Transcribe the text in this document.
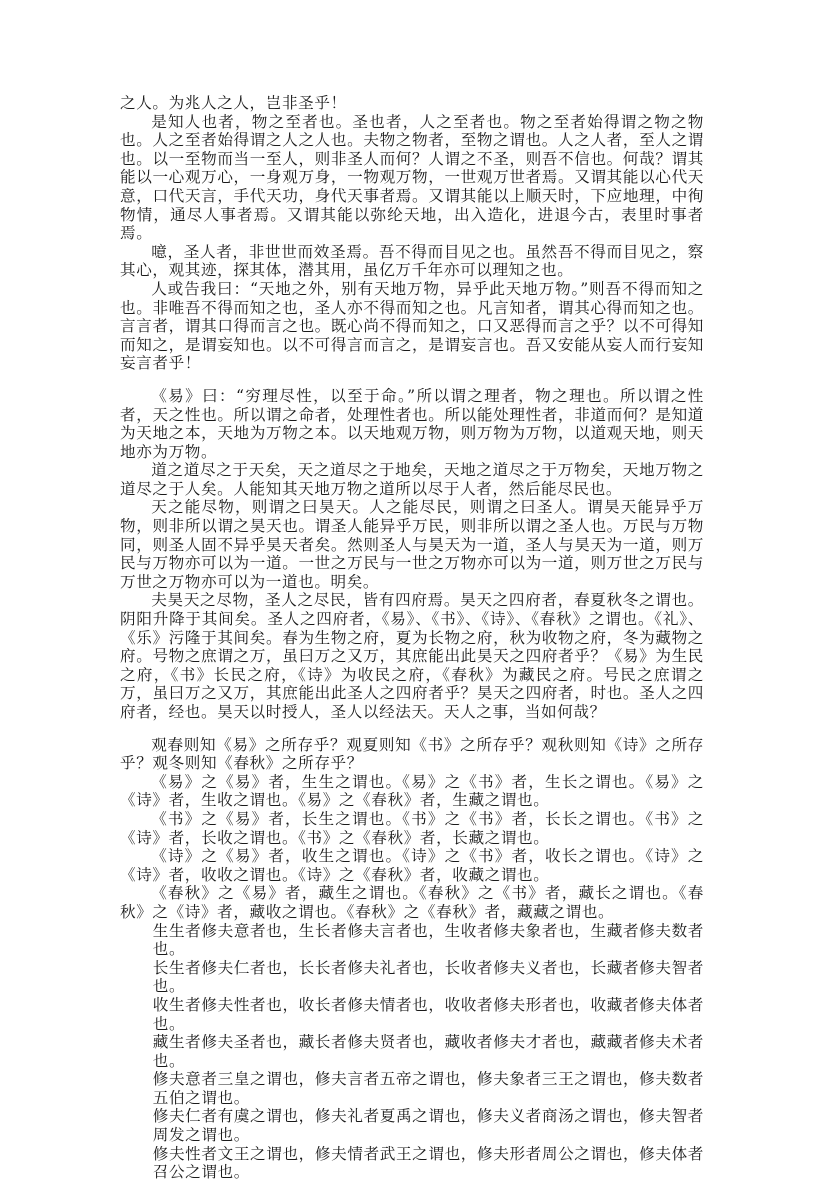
之人。为兆人之人，岂非圣乎！

是知人也者，物之至者也。圣也者，人之至者也。物之至者始得谓之物之物也。人之至者始得谓之人之人也。夫物之物者，至物之谓也。人之人者，至人之谓也。以一至物而当一至人，则非圣人而何？人谓之不圣，则吾不信也。何哉？谓其能以一心观万心，一身观万身，一物观万物，一世观万世者焉。又谓其能以心代天意，口代天言，手代天功，身代天事者焉。又谓其能以上顺天时，下应地理，中徇物情，通尽人事者焉。又谓其能以弥纶天地，出入造化，进退今古，表里时事者焉。

噫，圣人者，非世世而效圣焉。吾不得而目见之也。虽然吾不得而目见之，察其心，观其迹，探其体，潜其用，虽亿万千年亦可以理知之也。

人或告我曰：“天地之外，别有天地万物，异乎此天地万物。”则吾不得而知之也。非唯吾不得而知之也，圣人亦不得而知之也。凡言知者，谓其心得而知之也。言言者，谓其口得而言之也。既心尚不得而知之，口又恶得而言之乎？以不可得知而知之，是谓妄知也。以不可得言而言之，是谓妄言也。吾又安能从妄人而行妄知妄言者乎！

《易》曰：“穷理尽性，以至于命。”所以谓之理者，物之理也。所以谓之性者，天之性也。所以谓之命者，处理性者也。所以能处理性者，非道而何？是知道为天地之本，天地为万物之本。以天地观万物，则万物为万物，以道观天地，则天地亦为万物。

道之道尽之于天矣，天之道尽之于地矣，天地之道尽之于万物矣，天地万物之道尽之于人矣。人能知其天地万物之道所以尽于人者，然后能尽民也。

天之能尽物，则谓之曰昊天。人之能尽民，则谓之曰圣人。谓昊天能异乎万物，则非所以谓之昊天也。谓圣人能异乎万民，则非所以谓之圣人也。万民与万物同，则圣人固不异乎昊天者矣。然则圣人与昊天为一道，圣人与昊天为一道，则万民与万物亦可以为一道。一世之万民与一世之万物亦可以为一道，则万世之万民与万世之万物亦可以为一道也。明矣。

夫昊天之尽物，圣人之尽民，皆有四府焉。昊天之四府者，春夏秋冬之谓也。阴阳升降于其间矣。圣人之四府者，《易》、《书》、《诗》、《春秋》之谓也。《礼》、《乐》污隆于其间矣。春为生物之府，夏为长物之府，秋为收物之府，冬为藏物之府。号物之庶谓之万，虽曰万之又万，其庶能出此昊天之四府者乎？《易》为生民之府，《书》长民之府，《诗》为收民之府，《春秋》为藏民之府。号民之庶谓之万，虽曰万之又万，其庶能出此圣人之四府者乎？昊天之四府者，时也。圣人之四府者，经也。昊天以时授人，圣人以经法天。天人之事，当如何哉？

观春则知《易》之所存乎？观夏则知《书》之所存乎？观秋则知《诗》之所存乎？观冬则知《春秋》之所存乎？

《易》之《易》者，生生之谓也。《易》之《书》者，生长之谓也。《易》之《诗》者，生收之谓也。《易》之《春秋》者，生藏之谓也。

《书》之《易》者，长生之谓也。《书》之《书》者，长长之谓也。《书》之《诗》者，长收之谓也。《书》之《春秋》者，长藏之谓也。

《诗》之《易》者，收生之谓也。《诗》之《书》者，收长之谓也。《诗》之《诗》者，收收之谓也。《诗》之《春秋》者，收藏之谓也。

《春秋》之《易》者，藏生之谓也。《春秋》之《书》者，藏长之谓也。《春秋》之《诗》者，藏收之谓也。《春秋》之《春秋》者，藏藏之谓也。

生生者修夫意者也，生长者修夫言者也，生收者修夫象者也，生藏者修夫数者也。

长生者修夫仁者也，长长者修夫礼者也，长收者修夫义者也，长藏者修夫智者也。

收生者修夫性者也，收长者修夫情者也，收收者修夫形者也，收藏者修夫体者也。

藏生者修夫圣者也，藏长者修夫贤者也，藏收者修夫才者也，藏藏者修夫术者也。

修夫意者三皇之谓也，修夫言者五帝之谓也，修夫象者三王之谓也，修夫数者五伯之谓也。

修夫仁者有虞之谓也，修夫礼者夏禹之谓也，修夫义者商汤之谓也，修夫智者周发之谓也。

修夫性者文王之谓也，修夫情者武王之谓也，修夫形者周公之谓也，修夫体者召公之谓也。
